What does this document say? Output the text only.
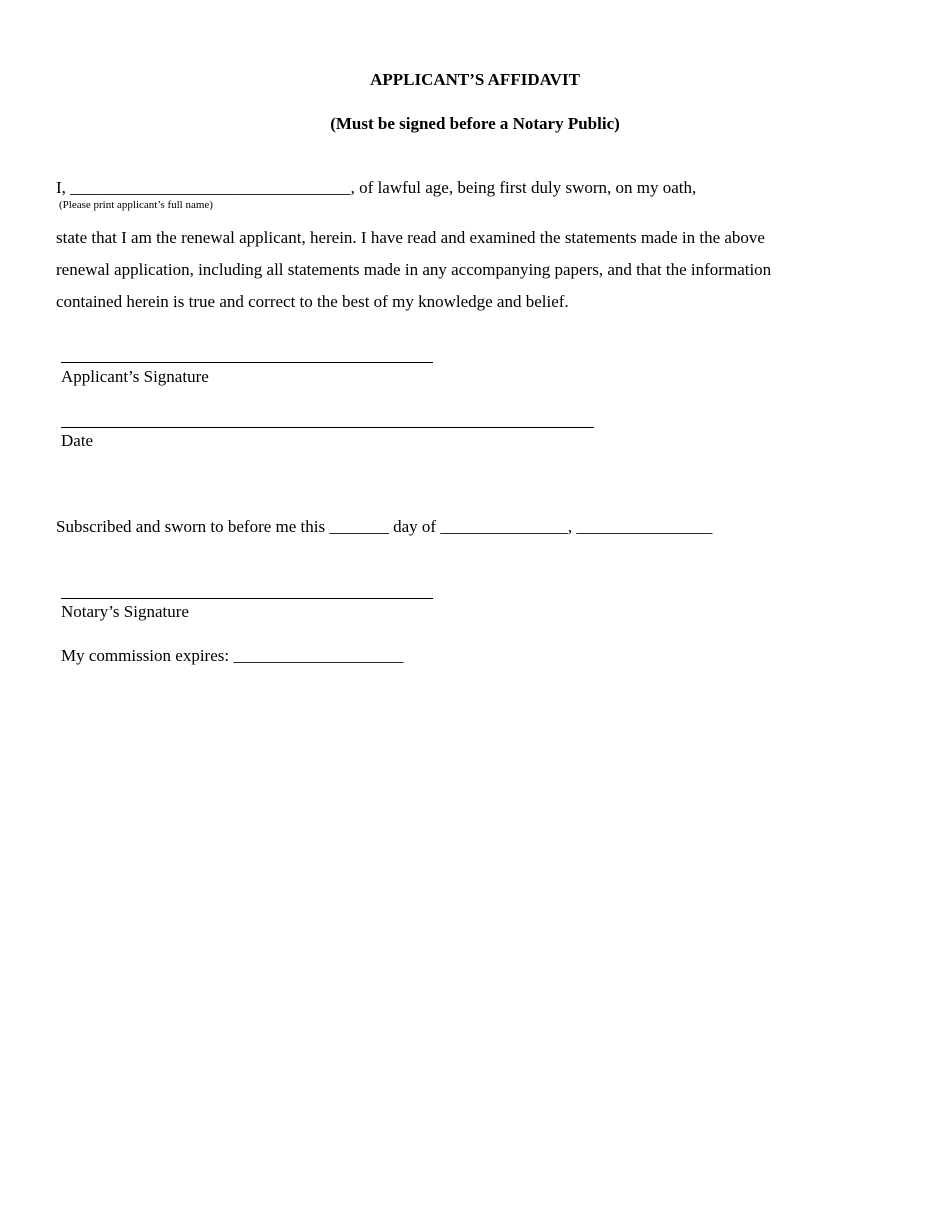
APPLICANT’S AFFIDAVIT
(Must be signed before a Notary Public)
I, _________________________________, of lawful age, being first duly sworn, on my oath,
(Please print applicant’s full name)
state that I am the renewal applicant, herein. I have read and examined the statements made in the above
renewal application, including all statements made in any accompanying papers, and that the information
contained herein is true and correct to the best of my knowledge and belief.
Applicant’s Signature
Date
Subscribed and sworn to before me this _______ day of _______________, ________________
Notary’s Signature
My commission expires: ____________________
